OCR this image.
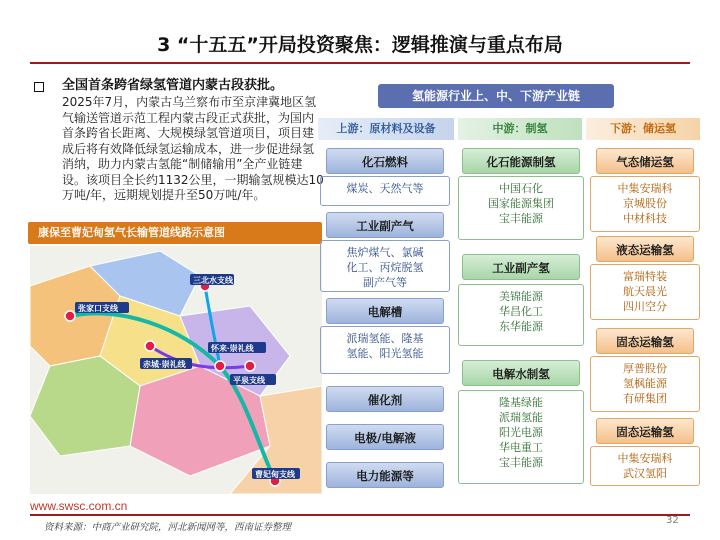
3 “十五五”开局投资聚焦：逻辑推演与重点布局
全国首条跨省绿氢管道内蒙古段获批。
2025年7月，内蒙古乌兰察布市至京津冀地区氢气输送管道示范工程内蒙古段正式获批，为国内首条跨省长距离、大规模绿氢管道项目，项目建成后将有效降低绿氢运输成本，进一步促进绿氢消纳，助力内蒙古氢能“制储输用”全产业链建设。该项目全长约1132公里，一期输氢规模达10万吨/年，远期规划提升至50万吨/年。
康保至曹妃甸氢气长输管道线路示意图
三北水支线
张家口支线
怀来·崇礼线
赤城·崇礼线
平泉支线
曹妃甸支线
www.swsc.com.cn
资料来源：中商产业研究院，河北新闻网等，西南证券整理
32
氢能源行业上、中、下游产业链
上游：原材料及设备	中游：制氢	下游：储运氢
化石燃料
煤炭、天然气等
工业副产气
焦炉煤气、氯碱
化工、丙烷脱氢
副产气等
电解槽
派瑞氢能、隆基
氢能、阳光氢能
催化剂
电极/电解液
电力能源等
化石能源制氢
中国石化
国家能源集团
宝丰能源
工业副产氢
美锦能源
华昌化工
东华能源
电解水制氢
隆基绿能
派瑞氢能
阳光电源
华电重工
宝丰能源
气态储运氢
中集安瑞科
京城股份
中材科技
液态运输氢
富瑞特装
航天晨光
四川空分
固态运输氢
厚普股份
氢枫能源
有研集团
固态运输氢
中集安瑞科
武汉氢阳
